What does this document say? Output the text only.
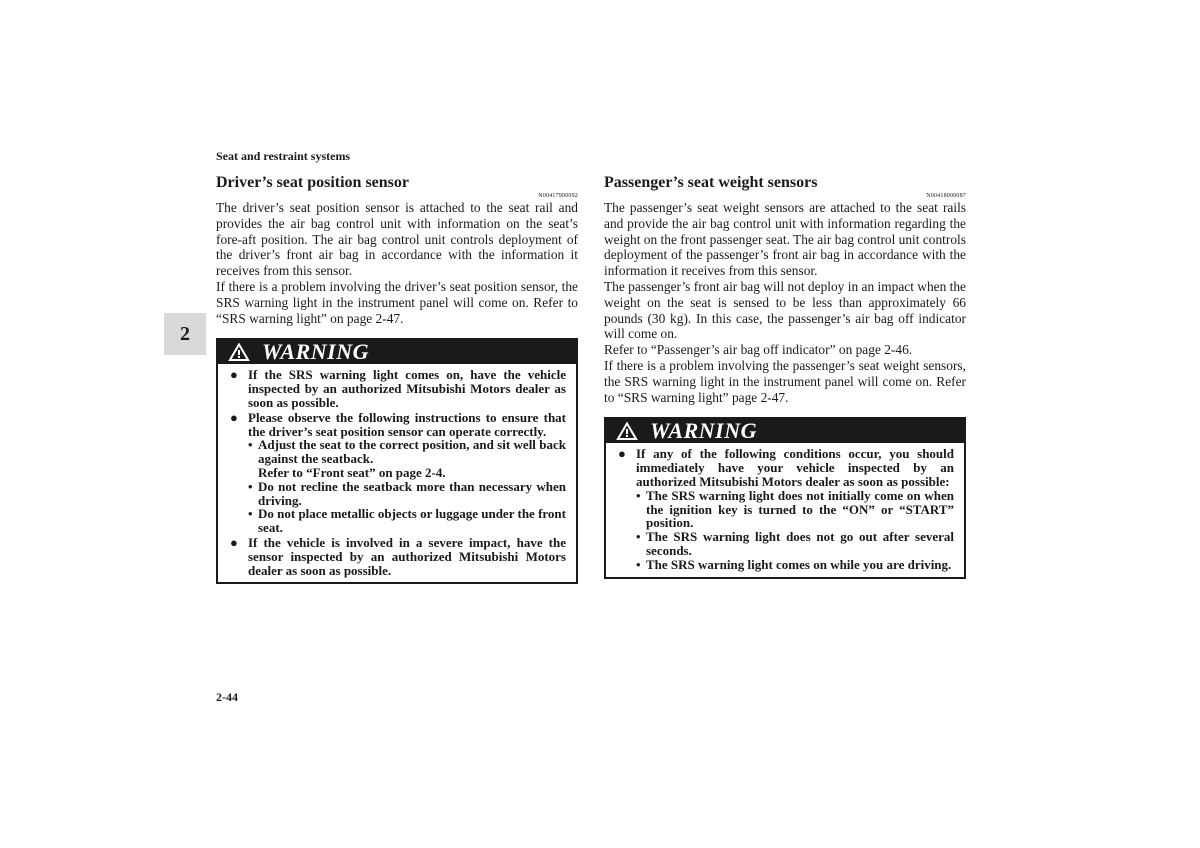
Seat and restraint systems
2
2-44
Driver’s seat position sensor
N00417900092

The driver’s seat position sensor is attached to the seat rail and provides the air bag control unit with information on the seat’s fore-aft position. The air bag control unit controls deployment of the driver’s front air bag in accordance with the information it receives from this sensor.

If there is a problem involving the driver’s seat position sensor, the SRS warning light in the instrument panel will come on. Refer to “SRS warning light” on page 2-47.

WARNING
● If the SRS warning light comes on, have the vehicle inspected by an authorized Mitsubishi Motors dealer as soon as possible.
● Please observe the following instructions to ensure that the driver’s seat position sensor can operate correctly.
• Adjust the seat to the correct position, and sit well back against the seatback.
Refer to “Front seat” on page 2-4.
• Do not recline the seatback more than necessary when driving.
• Do not place metallic objects or luggage under the front seat.
● If the vehicle is involved in a severe impact, have the sensor inspected by an authorized Mitsubishi Motors dealer as soon as possible.
Passenger’s seat weight sensors
N00418000087

The passenger’s seat weight sensors are attached to the seat rails and provide the air bag control unit with information regarding the weight on the front passenger seat. The air bag control unit controls deployment of the passenger’s front air bag in accordance with the information it receives from this sensor.

The passenger’s front air bag will not deploy in an impact when the weight on the seat is sensed to be less than approximately 66 pounds (30 kg). In this case, the passenger’s air bag off indicator will come on.

Refer to “Passenger’s air bag off indicator” on page 2-46.

If there is a problem involving the passenger’s seat weight sensors, the SRS warning light in the instrument panel will come on. Refer to “SRS warning light” page 2-47.

WARNING
● If any of the following conditions occur, you should immediately have your vehicle inspected by an authorized Mitsubishi Motors dealer as soon as possible:
• The SRS warning light does not initially come on when the ignition key is turned to the “ON” or “START” position.
• The SRS warning light does not go out after several seconds.
• The SRS warning light comes on while you are driving.
